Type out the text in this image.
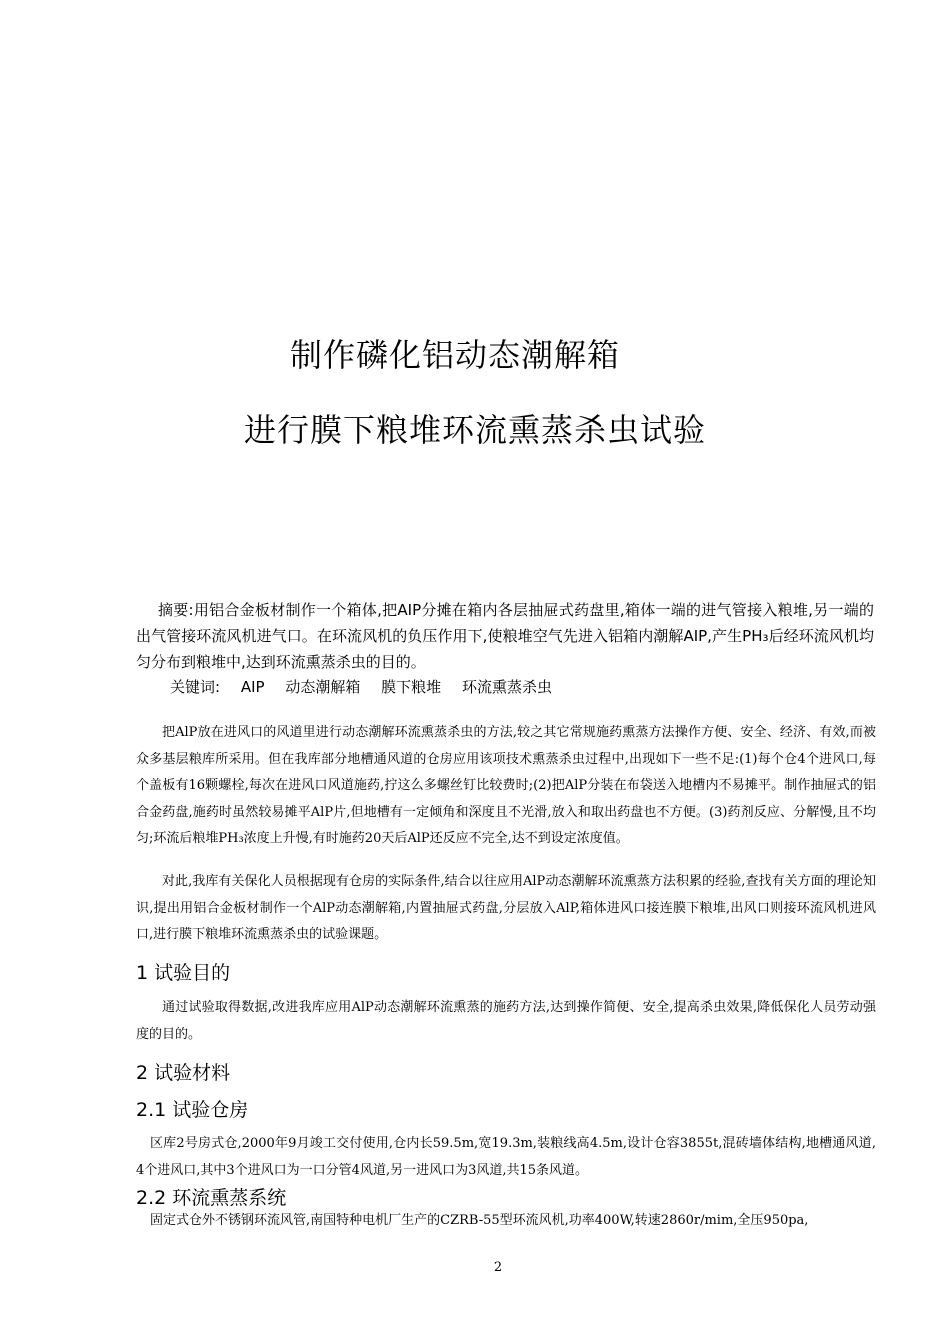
制作磷化铝动态潮解箱
进行膜下粮堆环流熏蒸杀虫试验

摘要:用铝合金板材制作一个箱体,把AIP分摊在箱内各层抽屉式药盘里,箱体一端的进气管接入粮堆,另一端的出气管接环流风机进气口。在环流风机的负压作用下,使粮堆空气先进入铝箱内潮解AIP,产生PH₃后经环流风机均匀分布到粮堆中,达到环流熏蒸杀虫的目的。

关键词: AIP 动态潮解箱 膜下粮堆 环流熏蒸杀虫

把AlP放在进风口的风道里进行动态潮解环流熏蒸杀虫的方法,较之其它常规施药熏蒸方法操作方便、安全、经济、有效,而被众多基层粮库所采用。但在我库部分地槽通风道的仓房应用该项技术熏蒸杀虫过程中,出现如下一些不足:(1)每个仓4个进风口,每个盖板有16颗螺栓,每次在进风口风道施药,拧这么多螺丝钉比较费时;(2)把AlP分装在布袋送入地槽内不易摊平。制作抽屉式的铝合金药盘,施药时虽然较易摊平AlP片,但地槽有一定倾角和深度且不光滑,放入和取出药盘也不方便。(3)药剂反应、分解慢,且不均匀;环流后粮堆PH₃浓度上升慢,有时施药20天后AlP还反应不完全,达不到设定浓度值。

对此,我库有关保化人员根据现有仓房的实际条件,结合以往应用AlP动态潮解环流熏蒸方法积累的经验,查找有关方面的理论知识,提出用铝合金板材制作一个AlP动态潮解箱,内置抽屉式药盘,分层放入AlP,箱体进风口接连膜下粮堆,出风口则接环流风机进风口,进行膜下粮堆环流熏蒸杀虫的试验课题。

1 试验目的

通过试验取得数据,改进我库应用AlP动态潮解环流熏蒸的施药方法,达到操作简便、安全,提高杀虫效果,降低保化人员劳动强度的目的。

2 试验材料
2.1 试验仓房

区库2号房式仓,2000年9月竣工交付使用,仓内长59.5m,宽19.3m,装粮线高4.5m,设计仓容3855t,混砖墙体结构,地槽通风道, 4个进风口,其中3个进风口为一口分管4风道,另一进风口为3风道,共15条风道。

2.2 环流熏蒸系统

固定式仓外不锈钢环流风管,南国特种电机厂生产的CZRB-55型环流风机,功率400W,转速2860r/mim,全压950pa,

2
